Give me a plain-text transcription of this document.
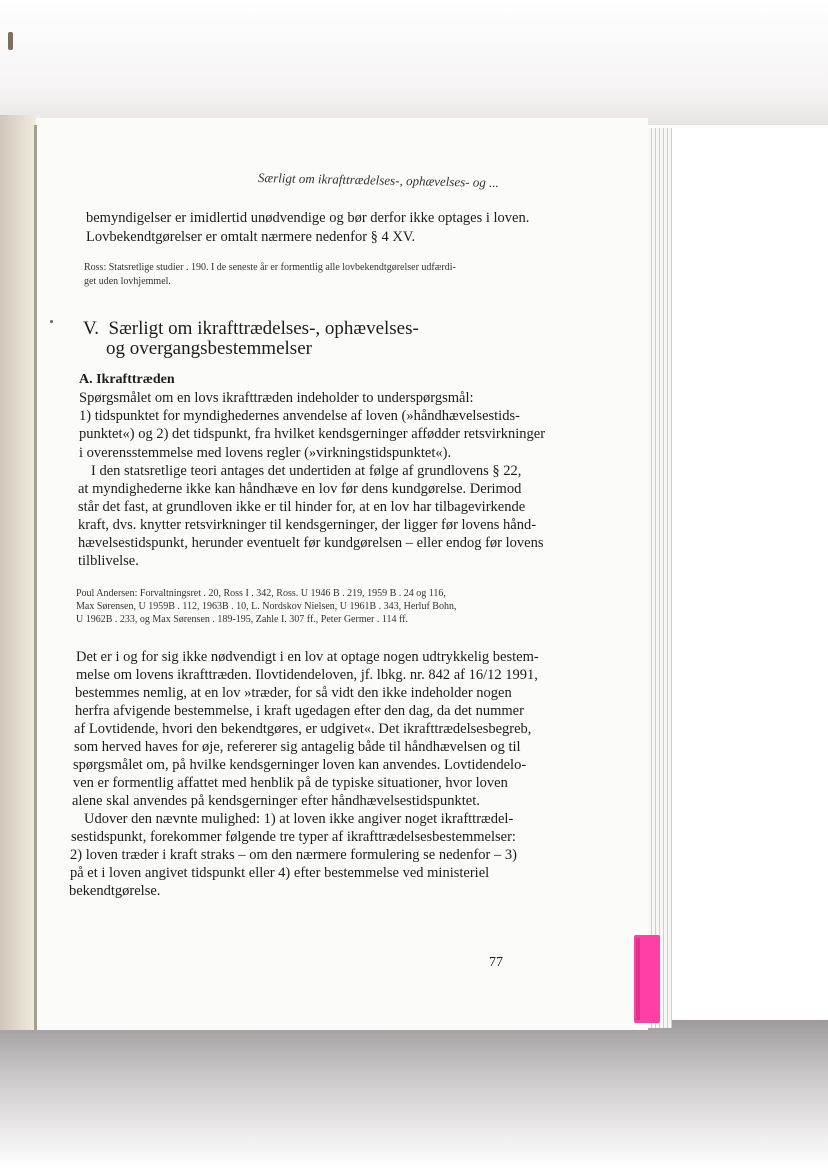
Særligt om ikrafttrædelses-, ophævelses- og ...
bemyndigelser er imidlertid unødvendige og bør derfor ikke optages i loven.
Lovbekendtgørelser er omtalt nærmere nedenfor § 4 XV.
Ross: Statsretlige studier . 190. I de seneste år er formentlig alle lovbekendtgørelser udfærdi-
get uden lovhjemmel.
V. Særligt om ikrafttrædelses-, ophævelses-
og overgangsbestemmelser
A. Ikrafttræden
Spørgsmålet om en lovs ikrafttræden indeholder to underspørgsmål:
1) tidspunktet for myndighedernes anvendelse af loven (»håndhævelsestids-
punktet«) og 2) det tidspunkt, fra hvilket kendsgerninger affødder retsvirkninger
i overensstemmelse med lovens regler (»virkningstidspunktet«).
I den statsretlige teori antages det undertiden at følge af grundlovens § 22,
at myndighederne ikke kan håndhæve en lov før dens kundgørelse. Derimod
står det fast, at grundloven ikke er til hinder for, at en lov har tilbagevirkende
kraft, dvs. knytter retsvirkninger til kendsgerninger, der ligger før lovens hånd-
hævelsestidspunkt, herunder eventuelt før kundgørelsen – eller endog før lovens
tilblivelse.
Poul Andersen: Forvaltningsret . 20, Ross I . 342, Ross. U 1946 B . 219, 1959 B . 24 og 116,
Max Sørensen, U 1959B . 112, 1963B . 10, L. Nordskov Nielsen, U 1961B . 343, Herluf Bohn,
U 1962B . 233, og Max Sørensen . 189-195, Zahle I. 307 ff., Peter Germer . 114 ff.
Det er i og for sig ikke nødvendigt i en lov at optage nogen udtrykkelig bestem-
melse om lovens ikrafttræden. Ilovtidendeloven, jf. lbkg. nr. 842 af 16/12 1991,
bestemmes nemlig, at en lov »træder, for så vidt den ikke indeholder nogen
herfra afvigende bestemmelse, i kraft ugedagen efter den dag, da det nummer
af Lovtidende, hvori den bekendtgøres, er udgivet«. Det ikrafttrædelsesbegreb,
som herved haves for øje, refererer sig antagelig både til håndhævelsen og til
spørgsmålet om, på hvilke kendsgerninger loven kan anvendes. Lovtidendelo-
ven er formentlig affattet med henblik på de typiske situationer, hvor loven
alene skal anvendes på kendsgerninger efter håndhævelsestidspunktet.
Udover den nævnte mulighed: 1) at loven ikke angiver noget ikrafttrædel-
sestidspunkt, forekommer følgende tre typer af ikrafttrædelsesbestemmelser:
2) loven træder i kraft straks – om den nærmere formulering se nedenfor – 3)
på et i loven angivet tidspunkt eller 4) efter bestemmelse ved ministeriel
bekendtgørelse.
77
